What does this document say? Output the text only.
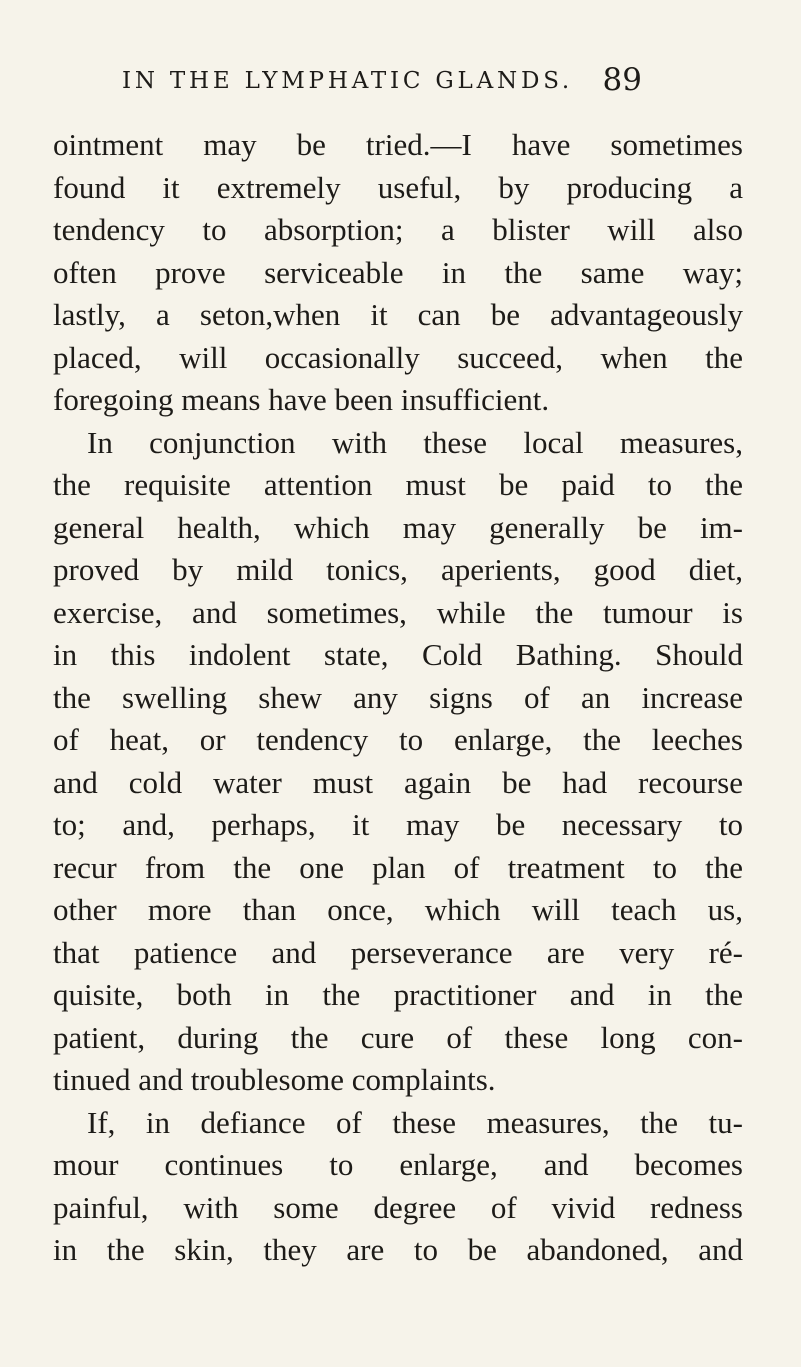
IN THE LYMPHATIC GLANDS. 89
ointment may be tried.—I have sometimes
found it extremely useful, by producing a
tendency to absorption; a blister will also
often prove serviceable in the same way;
lastly, a seton,when it can be advantageously
placed, will occasionally succeed, when the
foregoing means have been insufficient.
In conjunction with these local measures,
the requisite attention must be paid to the
general health, which may generally be im-
proved by mild tonics, aperients, good diet,
exercise, and sometimes, while the tumour is
in this indolent state, Cold Bathing. Should
the swelling shew any signs of an increase
of heat, or tendency to enlarge, the leeches
and cold water must again be had recourse
to; and, perhaps, it may be necessary to
recur from the one plan of treatment to the
other more than once, which will teach us,
that patience and perseverance are very ré-
quisite, both in the practitioner and in the
patient, during the cure of these long con-
tinued and troublesome complaints.
If, in defiance of these measures, the tu-
mour continues to enlarge, and becomes
painful, with some degree of vivid redness
in the skin, they are to be abandoned, and
